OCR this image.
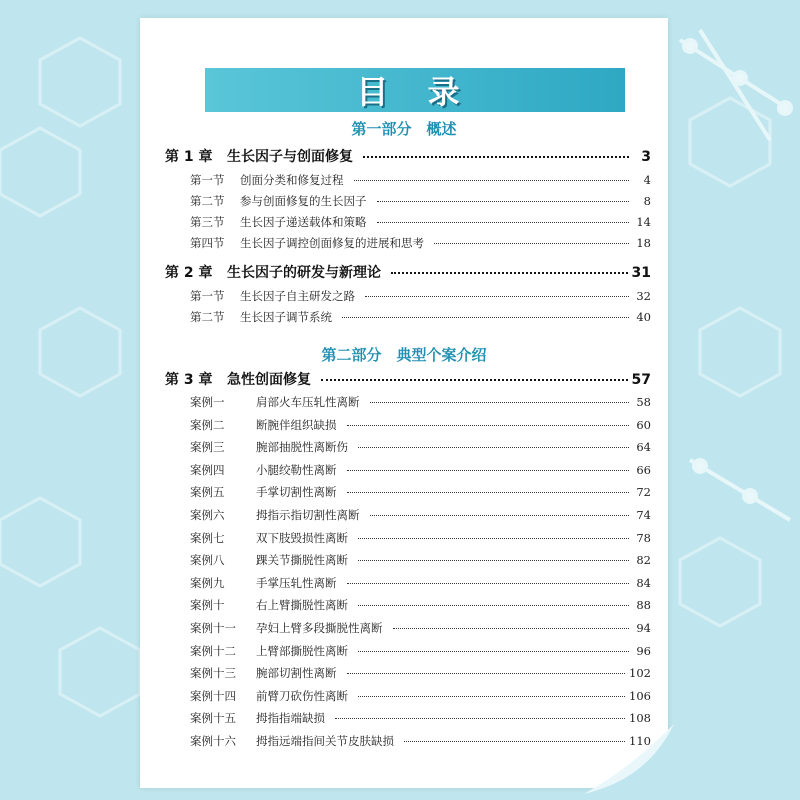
目 录
第一部分　概述
第 1 章	生长因子与创面修复	3
第一节	创面分类和修复过程	4
第二节	参与创面修复的生长因子	8
第三节	生长因子递送载体和策略	14
第四节	生长因子调控创面修复的进展和思考	18
第 2 章	生长因子的研发与新理论	31
第一节	生长因子自主研发之路	32
第二节	生长因子调节系统	40
第二部分　典型个案介绍
第 3 章	急性创面修复	57
案例一	肩部火车压轧性离断	58
案例二	断腕伴组织缺损	60
案例三	腕部抽脱性离断伤	64
案例四	小腿绞勒性离断	66
案例五	手掌切割性离断	72
案例六	拇指示指切割性离断	74
案例七	双下肢毁损性离断	78
案例八	踝关节撕脱性离断	82
案例九	手掌压轧性离断	84
案例十	右上臂撕脱性离断	88
案例十一	孕妇上臂多段撕脱性离断	94
案例十二	上臂部撕脱性离断	96
案例十三	腕部切割性离断	102
案例十四	前臂刀砍伤性离断	106
案例十五	拇指指端缺损	108
案例十六	拇指远端指间关节皮肤缺损	110
